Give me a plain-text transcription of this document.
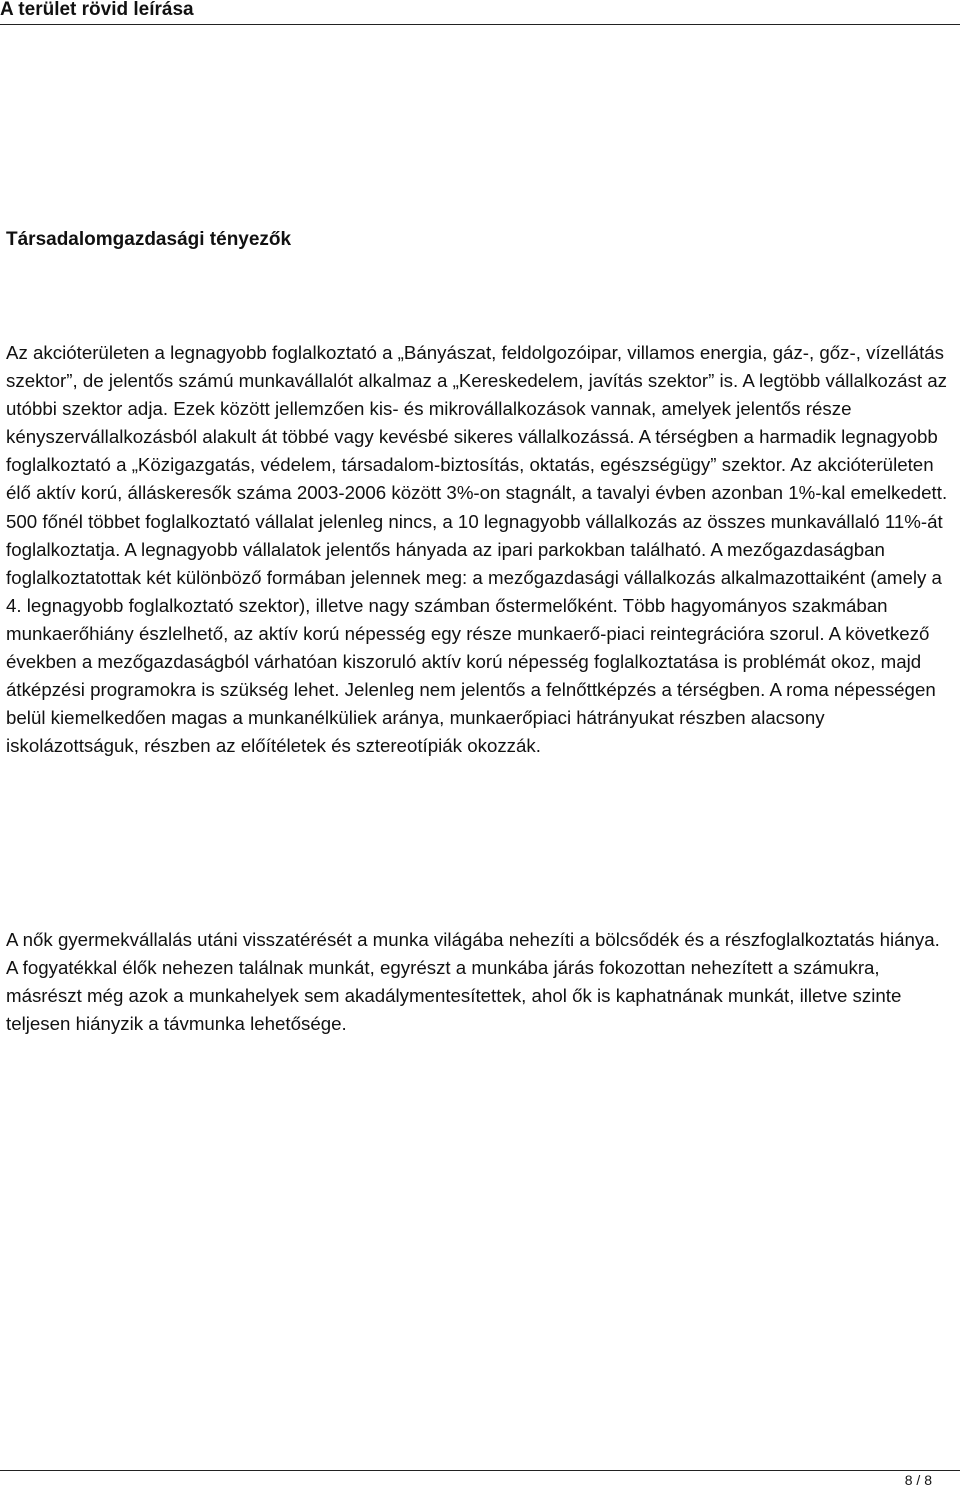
A terület rövid leírása
Társadalomgazdasági tényezők

Az akcióterületen a legnagyobb foglalkoztató a „Bányászat, feldolgozóipar, villamos energia, gáz-, gőz-, vízellátás szektor”, de jelentős számú munkavállalót alkalmaz a „Kereskedelem, javítás szektor” is. A legtöbb vállalkozást az utóbbi szektor adja. Ezek között jellemzően kis- és mikrovállalkozások vannak, amelyek jelentős része kényszervállalkozásból alakult át többé vagy kevésbé sikeres vállalkozássá. A térségben a harmadik legnagyobb foglalkoztató a „Közigazgatás, védelem, társadalom-biztosítás, oktatás, egészségügy” szektor. Az akcióterületen élő aktív korú, álláskeresők száma 2003-2006 között 3%-on stagnált, a tavalyi évben azonban 1%-kal emelkedett. 500 főnél többet foglalkoztató vállalat jelenleg nincs, a 10 legnagyobb vállalkozás az összes munkavállaló 11%-át foglalkoztatja. A legnagyobb vállalatok jelentős hányada az ipari parkokban található. A mezőgazdaságban foglalkoztatottak két különböző formában jelennek meg: a mezőgazdasági vállalkozás alkalmazottaiként (amely a 4. legnagyobb foglalkoztató szektor), illetve nagy számban őstermelőként. Több hagyományos szakmában munkaerőhiány észlelhető, az aktív korú népesség egy része munkaerő-piaci reintegrációra szorul. A következő években a mezőgazdaságból várhatóan kiszoruló aktív korú népesség foglalkoztatása is problémát okoz, majd átképzési programokra is szükség lehet. Jelenleg nem jelentős a felnőttképzés a térségben. A roma népességen belül kiemelkedően magas a munkanélküliek aránya, munkaerőpiaci hátrányukat részben alacsony iskolázottságuk, részben az előítéletek és sztereotípiák okozzák.

A nők gyermekvállalás utáni visszatérését a munka világába nehezíti a bölcsődék és a részfoglalkoztatás hiánya. A fogyatékkal élők nehezen találnak munkát, egyrészt a munkába járás fokozottan nehezített a számukra, másrészt még azok a munkahelyek sem akadálymentesítettek, ahol ők is kaphatnának munkát, illetve szinte teljesen hiányzik a távmunka lehetősége.

8 / 8
